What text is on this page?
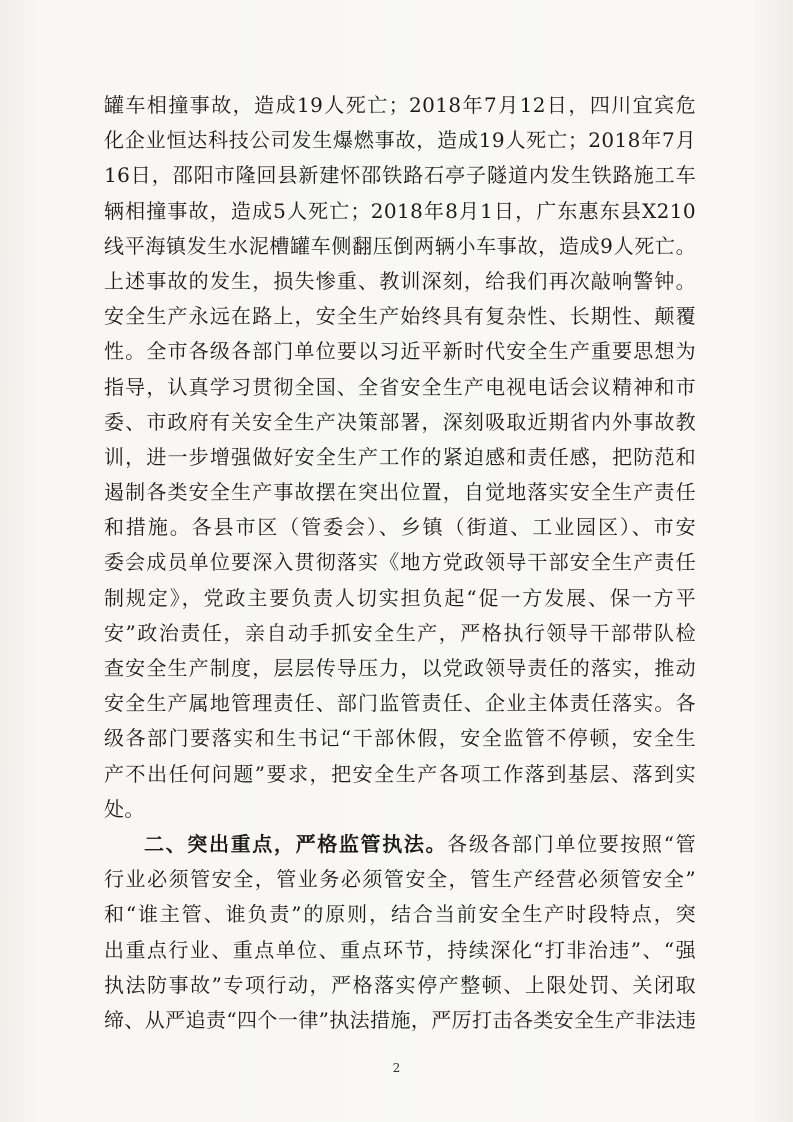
罐车相撞事故，造成19人死亡；2018年7月12日，四川宜宾危
化企业恒达科技公司发生爆燃事故，造成19人死亡；2018年7月
16日，邵阳市隆回县新建怀邵铁路石亭子隧道内发生铁路施工车
辆相撞事故，造成5人死亡；2018年8月1日，广东惠东县X210
线平海镇发生水泥槽罐车侧翻压倒两辆小车事故，造成9人死亡。
上述事故的发生，损失惨重、教训深刻，给我们再次敲响警钟。
安全生产永远在路上，安全生产始终具有复杂性、长期性、颠覆
性。全市各级各部门单位要以习近平新时代安全生产重要思想为
指导，认真学习贯彻全国、全省安全生产电视电话会议精神和市
委、市政府有关安全生产决策部署，深刻吸取近期省内外事故教
训，进一步增强做好安全生产工作的紧迫感和责任感，把防范和
遏制各类安全生产事故摆在突出位置，自觉地落实安全生产责任
和措施。各县市区（管委会）、乡镇（街道、工业园区）、市安
委会成员单位要深入贯彻落实《地方党政领导干部安全生产责任
制规定》，党政主要负责人切实担负起“促一方发展、保一方平
安”政治责任，亲自动手抓安全生产，严格执行领导干部带队检
查安全生产制度，层层传导压力，以党政领导责任的落实，推动
安全生产属地管理责任、部门监管责任、企业主体责任落实。各
级各部门要落实和生书记“干部休假，安全监管不停顿，安全生
产不出任何问题”要求，把安全生产各项工作落到基层、落到实
处。
二、突出重点，严格监管执法。各级各部门单位要按照“管
行业必须管安全，管业务必须管安全，管生产经营必须管安全”
和“谁主管、谁负责”的原则，结合当前安全生产时段特点，突
出重点行业、重点单位、重点环节，持续深化“打非治违”、“强
执法防事故”专项行动，严格落实停产整顿、上限处罚、关闭取
缔、从严追责“四个一律”执法措施，严厉打击各类安全生产非法违
2
